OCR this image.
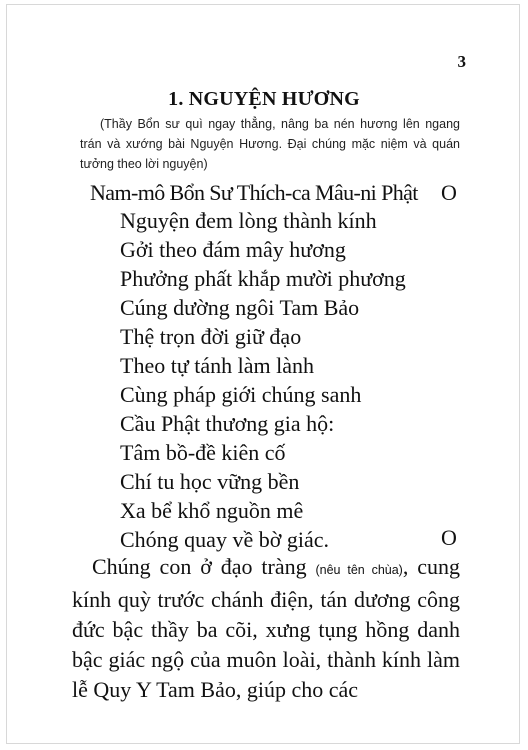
3
1. NGUYỆN HƯƠNG
(Thầy Bổn sư quì ngay thẳng, nâng ba nén hương lên ngang trán và xướng bài Nguyện Hương. Đại chúng mặc niệm và quán tưởng theo lời nguyện)
Nam-mô Bổn Sư Thích-ca Mâu-ni Phật O
Nguyện đem lòng thành kính
Gởi theo đám mây hương
Phưởng phất khắp mười phương
Cúng dường ngôi Tam Bảo
Thệ trọn đời giữ đạo
Theo tự tánh làm lành
Cùng pháp giới chúng sanh
Cầu Phật thương gia hộ:
Tâm bồ-đề kiên cố
Chí tu học vững bền
Xa bể khổ nguồn mê
Chóng quay về bờ giác.	O
Chúng con ở đạo tràng (nêu tên chùa), cung kính quỳ trước chánh điện, tán dương công đức bậc thầy ba cõi, xưng tụng hồng danh bậc giác ngộ của muôn loài, thành kính làm lễ Quy Y Tam Bảo, giúp cho các
